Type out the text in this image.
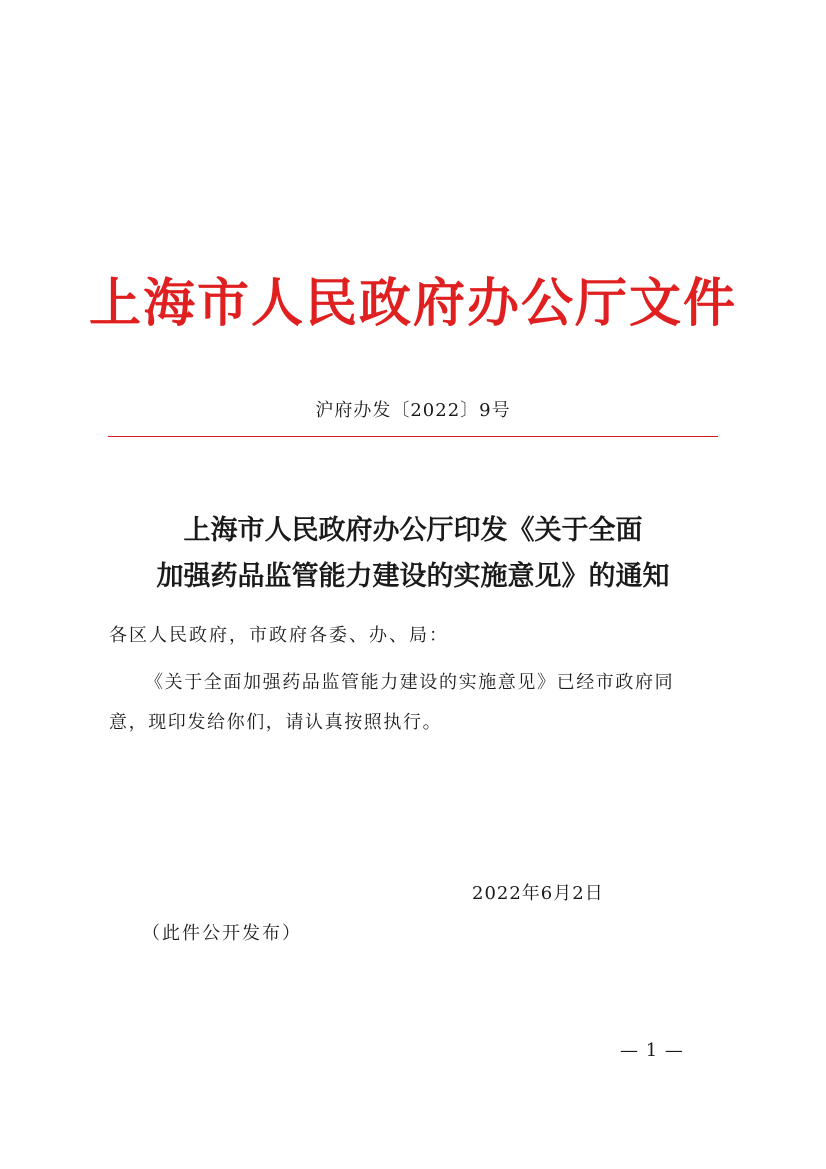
上海市人民政府办公厅文件
沪府办发〔2022〕9号
上海市人民政府办公厅印发《关于全面
加强药品监管能力建设的实施意见》的通知
各区人民政府，市政府各委、办、局：
《关于全面加强药品监管能力建设的实施意见》已经市政府同
意，现印发给你们，请认真按照执行。
2022年6月2日
（此件公开发布）
— 1 —
